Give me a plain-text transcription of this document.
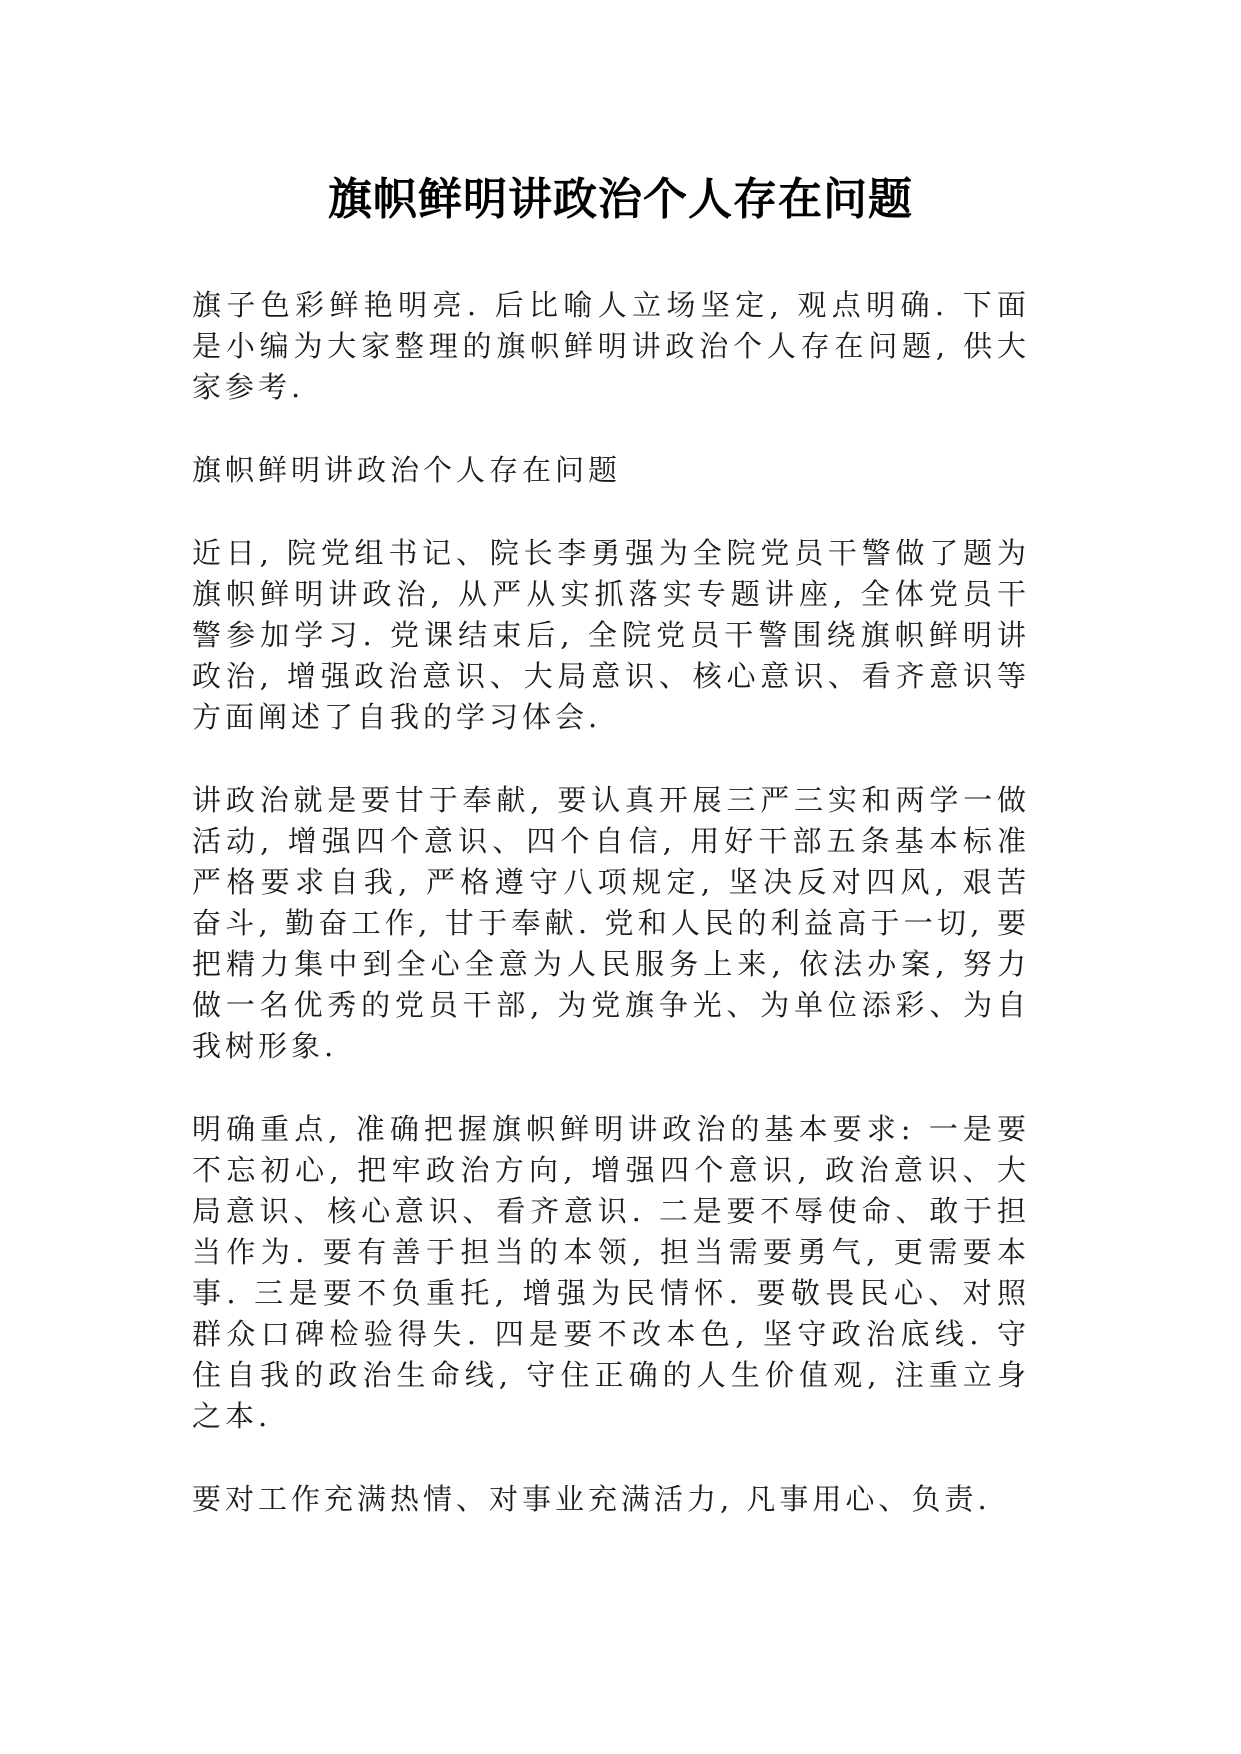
旗帜鲜明讲政治个人存在问题

旗子色彩鲜艳明亮. 后比喻人立场坚定, 观点明确. 下面是小编为大家整理的旗帜鲜明讲政治个人存在问题, 供大家参考.

旗帜鲜明讲政治个人存在问题

近日, 院党组书记、院长李勇强为全院党员干警做了题为旗帜鲜明讲政治, 从严从实抓落实专题讲座, 全体党员干警参加学习. 党课结束后, 全院党员干警围绕旗帜鲜明讲政治, 增强政治意识、大局意识、核心意识、看齐意识等方面阐述了自我的学习体会.

讲政治就是要甘于奉献, 要认真开展三严三实和两学一做活动, 增强四个意识、四个自信, 用好干部五条基本标准严格要求自我, 严格遵守八项规定, 坚决反对四风, 艰苦奋斗, 勤奋工作, 甘于奉献. 党和人民的利益高于一切, 要把精力集中到全心全意为人民服务上来, 依法办案, 努力做一名优秀的党员干部, 为党旗争光、为单位添彩、为自我树形象.

明确重点, 准确把握旗帜鲜明讲政治的基本要求: 一是要不忘初心, 把牢政治方向, 增强四个意识, 政治意识、大局意识、核心意识、看齐意识. 二是要不辱使命、敢于担当作为. 要有善于担当的本领, 担当需要勇气, 更需要本事. 三是要不负重托, 增强为民情怀. 要敬畏民心、对照群众口碑检验得失. 四是要不改本色, 坚守政治底线. 守住自我的政治生命线, 守住正确的人生价值观, 注重立身之本.

要对工作充满热情、对事业充满活力, 凡事用心、负责.
